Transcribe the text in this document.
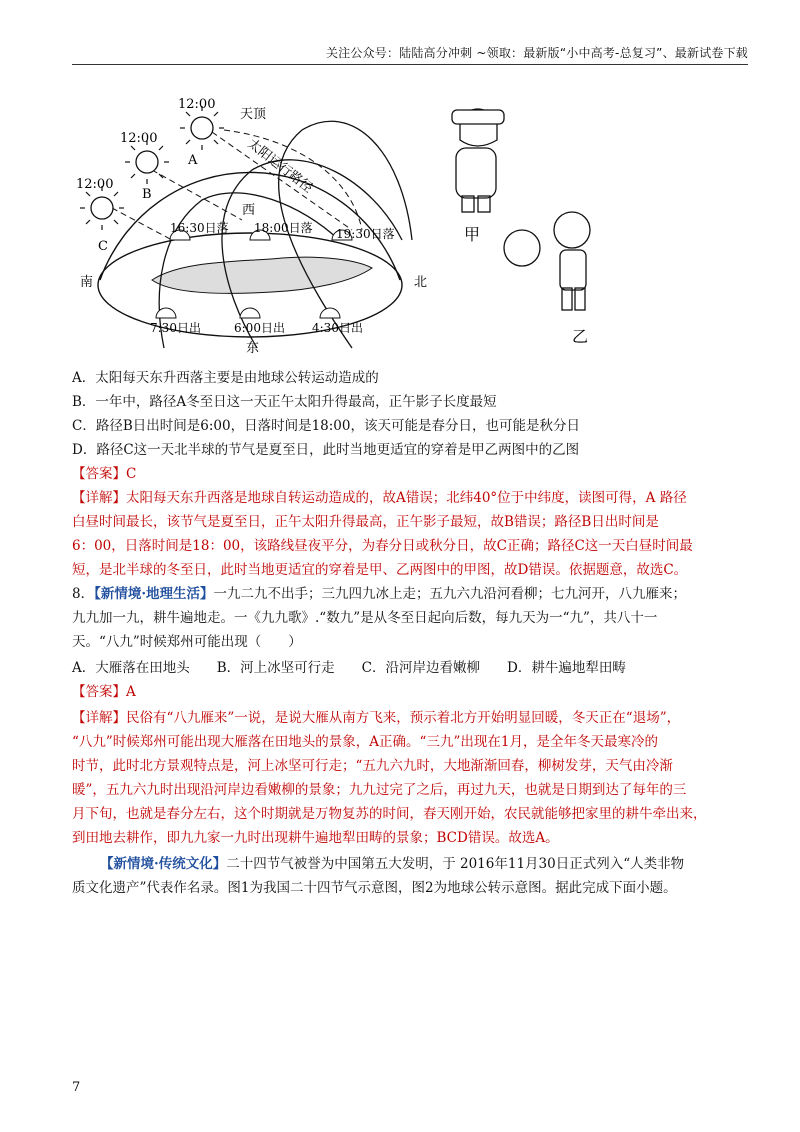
关注公众号：陆陆高分冲刺 ~领取：最新版“小中高考-总复习”、最新试卷下载
12:00
12:00
12:00
天顶
太阳运行路径
A
B
C
16:30日落 18:00日落 19:30日落
西
7:30日出	6:00日出 4:30日出
东
南	北
甲
乙
A．太阳每天东升西落主要是由地球公转运动造成的
B．一年中，路径A冬至日这一天正午太阳升得最高，正午影子长度最短
C．路径B日出时间是6:00，日落时间是18:00，该天可能是春分日，也可能是秋分日
D．路径C这一天北半球的节气是夏至日，此时当地更适宜的穿着是甲乙两图中的乙图
【答案】C
【详解】太阳每天东升西落是地球自转运动造成的，故A错误；北纬40°位于中纬度，读图可得，A 路径
白昼时间最长，该节气是夏至日，正午太阳升得最高，正午影子最短，故B错误；路径B日出时间是
6：00，日落时间是18：00，该路线昼夜平分，为春分日或秋分日，故C正确；路径C这一天白昼时间最
短，是北半球的冬至日，此时当地更适宜的穿着是甲、乙两图中的甲图，故D错误。依据题意，故选C。
8．【新情境·地理生活】一九二九不出手；三九四九冰上走；五九六九沿河看柳；七九河开，八九雁来；
九九加一九，耕牛遍地走。一《九九歌》.“数九”是从冬至日起向后数，每九天为一“九”，共八十一
天。“八九”时候郑州可能出现（　　）
A．大雁落在田地头　　B．河上冰坚可行走　　C．沿河岸边看嫩柳　　D．耕牛遍地犁田畴
【答案】A
【详解】民俗有“八九雁来”一说，是说大雁从南方飞来，预示着北方开始明显回暖，冬天正在“退场”，
“八九”时候郑州可能出现大雁落在田地头的景象，A正确。“三九”出现在1月，是全年冬天最寒冷的
时节，此时北方景观特点是，河上冰坚可行走；“五九六九时，大地渐渐回春，柳树发芽，天气由冷渐
暖”，五九六九时出现沿河岸边看嫩柳的景象；九九过完了之后，再过九天，也就是日期到达了每年的三
月下旬，也就是春分左右，这个时期就是万物复苏的时间，春天刚开始，农民就能够把家里的耕牛牵出来，
到田地去耕作，即九九家一九时出现耕牛遍地犁田畴的景象；BCD错误。故选A。
【新情境·传统文化】二十四节气被誉为中国第五大发明，于 2016年11月30日正式列入“人类非物
质文化遗产”代表作名录。图1为我国二十四节气示意图，图2为地球公转示意图。据此完成下面小题。
7
